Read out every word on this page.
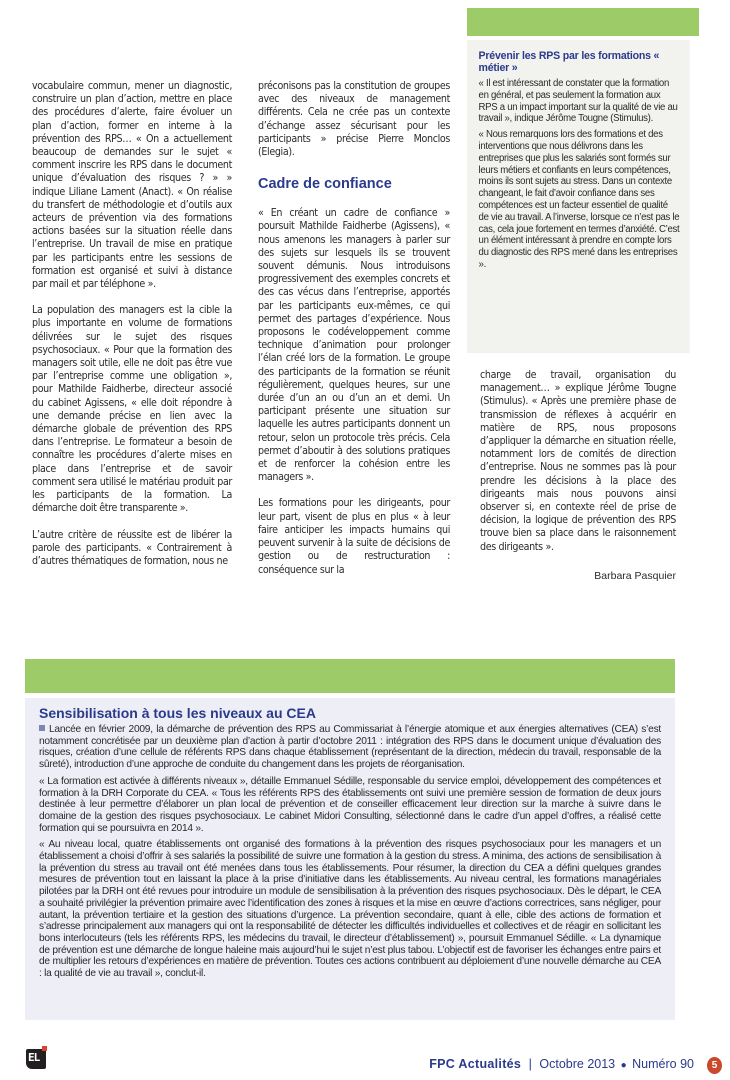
vocabulaire commun, mener un diagnostic, construire un plan d’action, mettre en place des procédures d’alerte, faire évoluer un plan d’action, former en interne à la prévention des RPS… « On a actuellement beaucoup de demandes sur le sujet « comment inscrire les RPS dans le document unique d’évaluation des risques ? » » indique Liliane Lament (Anact). « On réalise du transfert de méthodologie et d’outils aux acteurs de prévention via des formations actions basées sur la situation réelle dans l’entreprise. Un travail de mise en pratique par les participants entre les sessions de formation est organisé et suivi à distance par mail et par téléphone ».

La population des managers est la cible la plus importante en volume de formations délivrées sur le sujet des risques psychosociaux. « Pour que la formation des managers soit utile, elle ne doit pas être vue par l’entreprise comme une obligation », pour Mathilde Faidherbe, directeur associé du cabinet Agissens, « elle doit répondre à une demande précise en lien avec la démarche globale de prévention des RPS dans l’entreprise. Le formateur a besoin de connaître les procédures d’alerte mises en place dans l’entreprise et de savoir comment sera utilisé le matériau produit par les participants de la formation. La démarche doit être transparente ».

L’autre critère de réussite est de libérer la parole des participants. « Contrairement à d’autres thématiques de formation, nous ne

préconisons pas la constitution de groupes avec des niveaux de management différents. Cela ne crée pas un contexte d’échange assez sécurisant pour les participants » précise Pierre Monclos (Elegia).

Cadre de confiance

« En créant un cadre de confiance » poursuit Mathilde Faidherbe (Agissens), « nous amenons les managers à parler sur des sujets sur lesquels ils se trouvent souvent démunis. Nous introduisons progressivement des exemples concrets et des cas vécus dans l’entreprise, apportés par les participants eux-mêmes, ce qui permet des partages d’expérience. Nous proposons le codéveloppement comme technique d’animation pour prolonger l’élan créé lors de la formation. Le groupe des participants de la formation se réunit régulièrement, quelques heures, sur une durée d’un an ou d’un an et demi. Un participant présente une situation sur laquelle les autres participants donnent un retour, selon un protocole très précis. Cela permet d’aboutir à des solutions pratiques et de renforcer la cohésion entre les managers ».

Les formations pour les dirigeants, pour leur part, visent de plus en plus « à leur faire anticiper les impacts humains qui peuvent survenir à la suite de décisions de gestion ou de restructuration : conséquence sur la

Prévenir les RPS par les formations « métier »

« Il est intéressant de constater que la formation en général, et pas seulement la formation aux RPS a un impact important sur la qualité de vie au travail », indique Jérôme Tougne (Stimulus).

« Nous remarquons lors des formations et des interventions que nous délivrons dans les entreprises que plus les salariés sont formés sur leurs métiers et confiants en leurs compétences, moins ils sont sujets au stress. Dans un contexte changeant, le fait d’avoir confiance dans ses compétences est un facteur essentiel de qualité de vie au travail. A l’inverse, lorsque ce n’est pas le cas, cela joue fortement en termes d’anxiété. C’est un élément intéressant à prendre en compte lors du diagnostic des RPS mené dans les entreprises ».

charge de travail, organisation du management… » explique Jérôme Tougne (Stimulus). « Après une première phase de transmission de réflexes à acquérir en matière de RPS, nous proposons d’appliquer la démarche en situation réelle, notamment lors de comités de direction d’entreprise. Nous ne sommes pas là pour prendre les décisions à la place des dirigeants mais nous pouvons ainsi observer si, en contexte réel de prise de décision, la logique de prévention des RPS trouve bien sa place dans le raisonnement des dirigeants ».

Barbara Pasquier
Sensibilisation à tous les niveaux au CEA

Lancée en février 2009, la démarche de prévention des RPS au Commissariat à l’énergie atomique et aux énergies alternatives (CEA) s’est notamment concrétisée par un deuxième plan d’action à partir d’octobre 2011 : intégration des RPS dans le document unique d’évaluation des risques, création d’une cellule de référents RPS dans chaque établissement (représentant de la direction, médecin du travail, responsable de la sûreté), introduction d’une approche de conduite du changement dans les projets de réorganisation.

« La formation est activée à différents niveaux », détaille Emmanuel Sédille, responsable du service emploi, développement des compétences et formation à la DRH Corporate du CEA. « Tous les référents RPS des établissements ont suivi une première session de formation de deux jours destinée à leur permettre d’élaborer un plan local de prévention et de conseiller efficacement leur direction sur la marche à suivre dans le domaine de la gestion des risques psychosociaux. Le cabinet Midori Consulting, sélectionné dans le cadre d’un appel d’offres, a réalisé cette formation qui se poursuivra en 2014 ».

« Au niveau local, quatre établissements ont organisé des formations à la prévention des risques psychosociaux pour les managers et un établissement a choisi d’offrir à ses salariés la possibilité de suivre une formation à la gestion du stress. A minima, des actions de sensibilisation à la prévention du stress au travail ont été menées dans tous les établissements. Pour résumer, la direction du CEA a défini quelques grandes mesures de prévention tout en laissant la place à la prise d’initiative dans les établissements. Au niveau central, les formations managériales pilotées par la DRH ont été revues pour introduire un module de sensibilisation à la prévention des risques psychosociaux. Dès le départ, le CEA a souhaité privilégier la prévention primaire avec l’identification des zones à risques et la mise en œuvre d’actions correctrices, sans négliger, pour autant, la prévention tertiaire et la gestion des situations d’urgence. La prévention secondaire, quant à elle, cible des actions de formation et s’adresse principalement aux managers qui ont la responsabilité de détecter les difficultés individuelles et collectives et de réagir en sollicitant les bons interlocuteurs (tels les référents RPS, les médecins du travail, le directeur d’établissement) », poursuit Emmanuel Sédille. « La dynamique de prévention est une démarche de longue haleine mais aujourd’hui le sujet n’est plus tabou. L’objectif est de favoriser les échanges entre pairs et de multiplier les retours d’expériences en matière de prévention. Toutes ces actions contribuent au déploiement d’une nouvelle démarche au CEA : la qualité de vie au travail », conclut-il.

EL	FPC Actualités | Octobre 2013 ● Numéro 90	5
